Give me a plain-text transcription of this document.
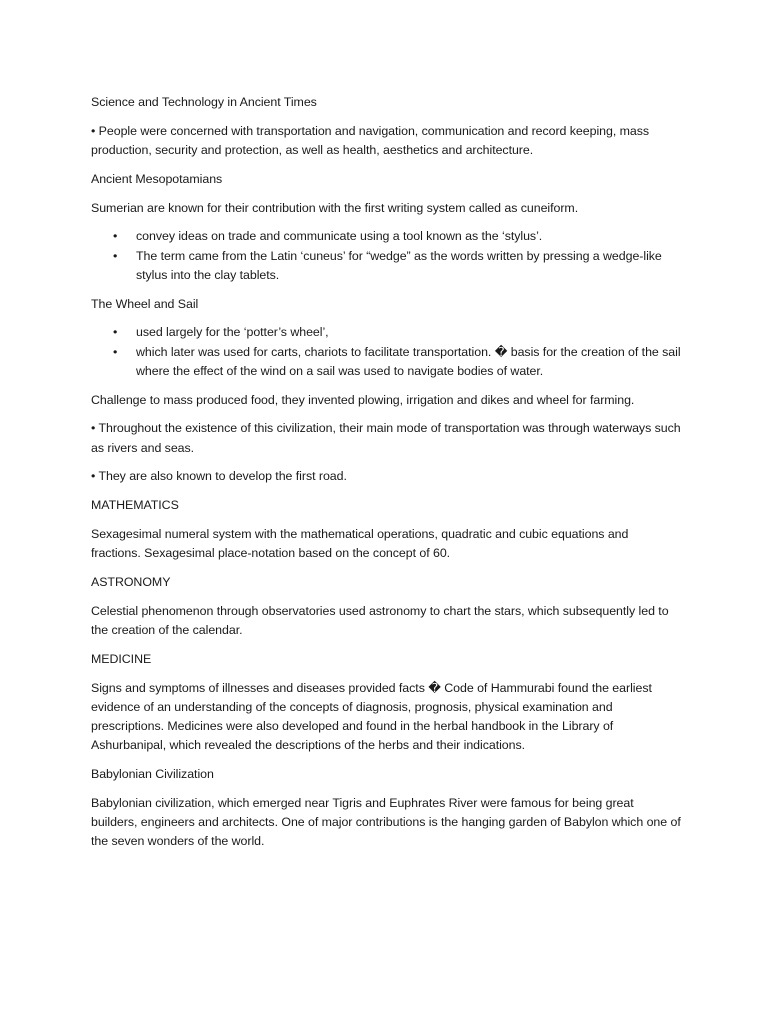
Science and Technology in Ancient Times

• People were concerned with transportation and navigation, communication and record keeping, mass production, security and protection, as well as health, aesthetics and architecture.

Ancient Mesopotamians

Sumerian are known for their contribution with the first writing system called as cuneiform.

• convey ideas on trade and communicate using a tool known as the ‘stylus’.
• The term came from the Latin ‘cuneus’ for “wedge” as the words written by pressing a wedge-like stylus into the clay tablets.

The Wheel and Sail

• used largely for the ‘potter’s wheel’,
• which later was used for carts, chariots to facilitate transportation. � basis for the creation of the sail where the effect of the wind on a sail was used to navigate bodies of water.

Challenge to mass produced food, they invented plowing, irrigation and dikes and wheel for farming.

• Throughout the existence of this civilization, their main mode of transportation was through waterways such as rivers and seas.

• They are also known to develop the first road.

MATHEMATICS

Sexagesimal numeral system with the mathematical operations, quadratic and cubic equations and fractions. Sexagesimal place-notation based on the concept of 60.

ASTRONOMY

Celestial phenomenon through observatories used astronomy to chart the stars, which subsequently led to the creation of the calendar.

MEDICINE

Signs and symptoms of illnesses and diseases provided facts � Code of Hammurabi found the earliest evidence of an understanding of the concepts of diagnosis, prognosis, physical examination and prescriptions. Medicines were also developed and found in the herbal handbook in the Library of Ashurbanipal, which revealed the descriptions of the herbs and their indications.

Babylonian Civilization

Babylonian civilization, which emerged near Tigris and Euphrates River were famous for being great builders, engineers and architects. One of major contributions is the hanging garden of Babylon which one of the seven wonders of the world.
